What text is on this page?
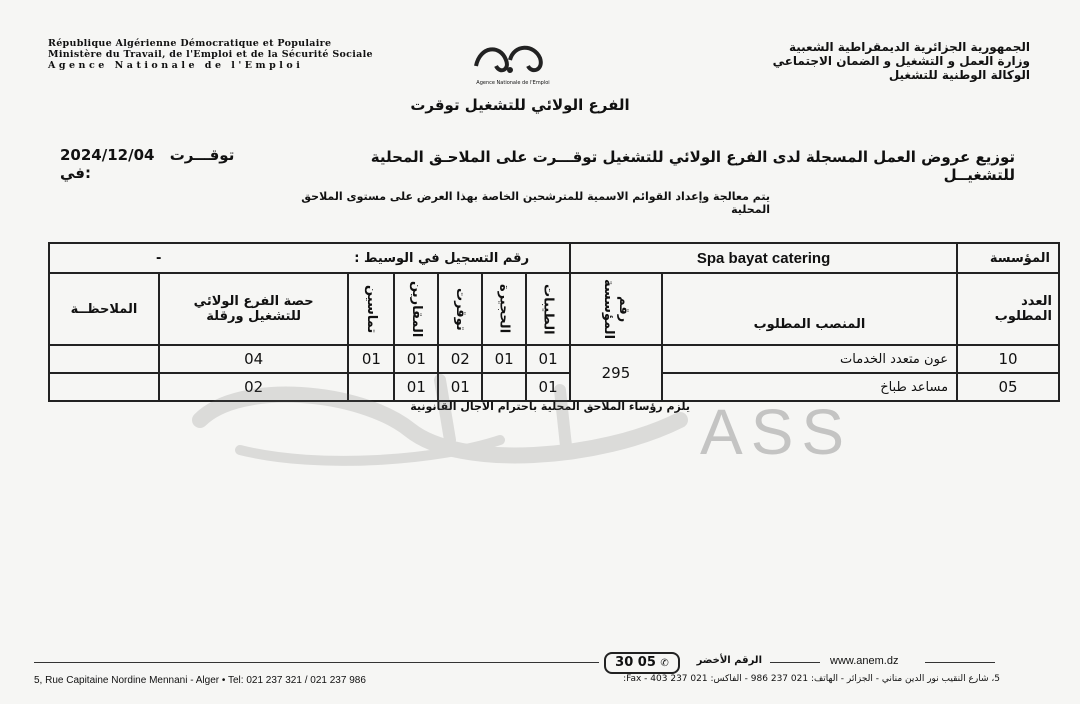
République Algérienne Démocratique et Populaire
Ministère du Travail, de l'Emploi et de la Sécurité Sociale
Agence Nationale de l'Emploi
Agence Nationale de l'Emploi
الجمهورية الجزائرية الديمقراطية الشعبية
وزارة العمل و التشغيل و الضمان الاجتماعي
الوكالة الوطنية للتشغيل
الفرع الولائي للتشغيل توقرت
توزيع عروض العمل المسجلة لدى الفرع الولائي للتشغيل توقـــرت على الملاحـق المحلية للتشغيــل
2024/12/04 توقـــرت في:
يتم معالجة وإعداد القوائم الاسمية للمترشحين الخاصة بهذا العرض على مستوى الملاحق المحلية
- رقم التسجيل في الوسيط :							Spa bayat catering		المؤسسة
الملاحظــة	حصة الفرع الولائي للتشغيل ورقلة	تماسين	المقارين	توقرت	الحجيرة	الطيبات	رقم المؤسسة	المنصب المطلوب	العدد المطلوب
	04	01	01	02	01	01	295	عون متعدد الخدمات	10
	02		01	01		01		مساعد طباخ	05
يلزم رؤساء الملاحق المحلية باحترام الآجال القانونية ASS
30 05 ✆	الرقم الأخضر	www.anem.dz
5, Rue Capitaine Nordine Mennani - Alger • Tel: 021 237 321 / 021 237 986	5، شارع النقيب نور الدين مناني - الجزائر - الهاتف: 021 237 986 - الفاكس: 021 237 403 - Fax:
